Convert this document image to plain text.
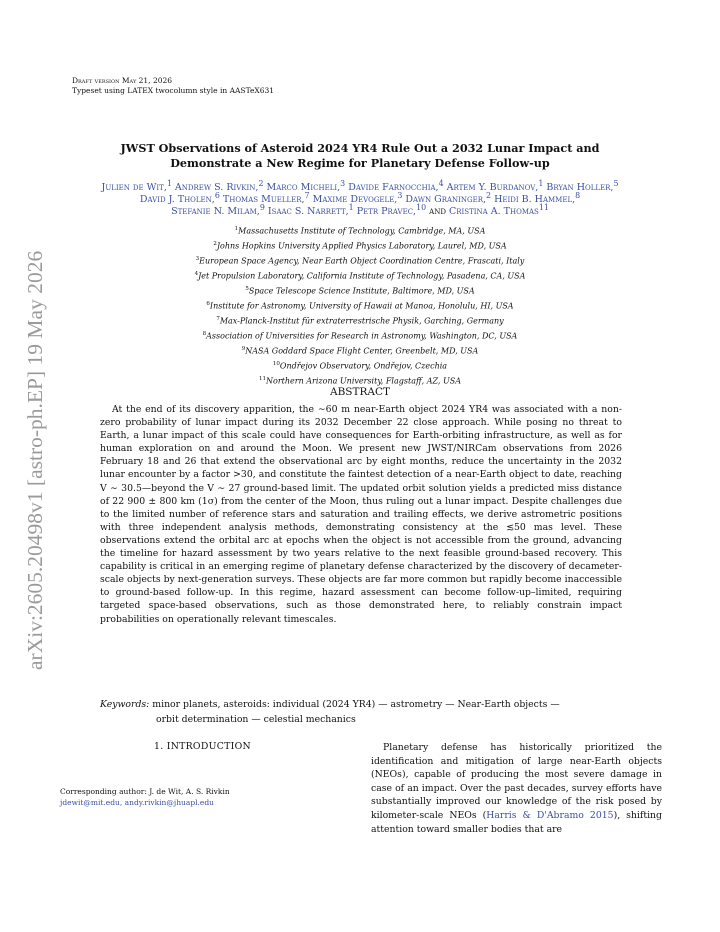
arXiv:2605.20498v1 [astro-ph.EP] 19 May 2026
Draft version May 21, 2026
Typeset using LATEX twocolumn style in AASTeX631
JWST Observations of Asteroid 2024 YR4 Rule Out a 2032 Lunar Impact and
Demonstrate a New Regime for Planetary Defense Follow-up
Julien de Wit,$^1$ Andrew S. Rivkin,$^2$ Marco Micheli,$^3$ Davide Farnocchia,$^4$ Artem Y. Burdanov,$^1$ Bryan Holler,$^5$
David J. Tholen,$^6$ Thomas Mueller,$^7$ Maxime Devogele,$^3$ Dawn Graninger,$^2$ Heidi B. Hammel,$^8$
Stefanie N. Milam,$^9$ Isaac S. Narrett,$^1$ Petr Pravec,$^{10}$ and Cristina A. Thomas$^{11}$
$^1$Massachusetts Institute of Technology, Cambridge, MA, USA
$^2$Johns Hopkins University Applied Physics Laboratory, Laurel, MD, USA
$^3$European Space Agency, Near Earth Object Coordination Centre, Frascati, Italy
$^4$Jet Propulsion Laboratory, California Institute of Technology, Pasadena, CA, USA
$^5$Space Telescope Science Institute, Baltimore, MD, USA
$^6$Institute for Astronomy, University of Hawaii at Manoa, Honolulu, HI, USA
$^7$Max-Planck-Institut für extraterrestrische Physik, Garching, Germany
$^8$Association of Universities for Research in Astronomy, Washington, DC, USA
$^9$NASA Goddard Space Flight Center, Greenbelt, MD, USA
$^{10}$Ondřejov Observatory, Ondřejov, Czechia
$^{11}$Northern Arizona University, Flagstaff, AZ, USA
ABSTRACT

At the end of its discovery apparition, the ∼60 m near-Earth object 2024 YR4 was associated with a non-zero probability of lunar impact during its 2032 December 22 close approach. While posing no threat to Earth, a lunar impact of this scale could have consequences for Earth-orbiting infrastructure, as well as for human exploration on and around the Moon. We present new JWST/NIRCam observations from 2026 February 18 and 26 that extend the observational arc by eight months, reduce the uncertainty in the 2032 lunar encounter by a factor >30, and constitute the faintest detection of a near-Earth object to date, reaching V ∼ 30.5—beyond the V ∼ 27 ground-based limit. The updated orbit solution yields a predicted miss distance of 22 900 ± 800 km (1σ) from the center of the Moon, thus ruling out a lunar impact. Despite challenges due to the limited number of reference stars and saturation and trailing effects, we derive astrometric positions with three independent analysis methods, demonstrating consistency at the ≲50 mas level. These observations extend the orbital arc at epochs when the object is not accessible from the ground, advancing the timeline for hazard assessment by two years relative to the next feasible ground-based recovery. This capability is critical in an emerging regime of planetary defense characterized by the discovery of decameter-scale objects by next-generation surveys. These objects are far more common but rapidly become inaccessible to ground-based follow-up. In this regime, hazard assessment can become follow-up–limited, requiring targeted space-based observations, such as those demonstrated here, to reliably constrain impact probabilities on operationally relevant timescales.

Keywords: minor planets, asteroids: individual (2024 YR4) — astrometry — Near-Earth objects —
orbit determination — celestial mechanics
1. INTRODUCTION
Corresponding author: J. de Wit, A. S. Rivkin
jdewit@mit.edu, andy.rivkin@jhuapl.edu

Planetary defense has historically prioritized the identification and mitigation of large near-Earth objects (NEOs), capable of producing the most severe damage in case of an impact. Over the past decades, survey efforts have substantially improved our knowledge of the risk posed by kilometer-scale NEOs (Harris & D'Abramo 2015), shifting attention toward smaller bodies that are
